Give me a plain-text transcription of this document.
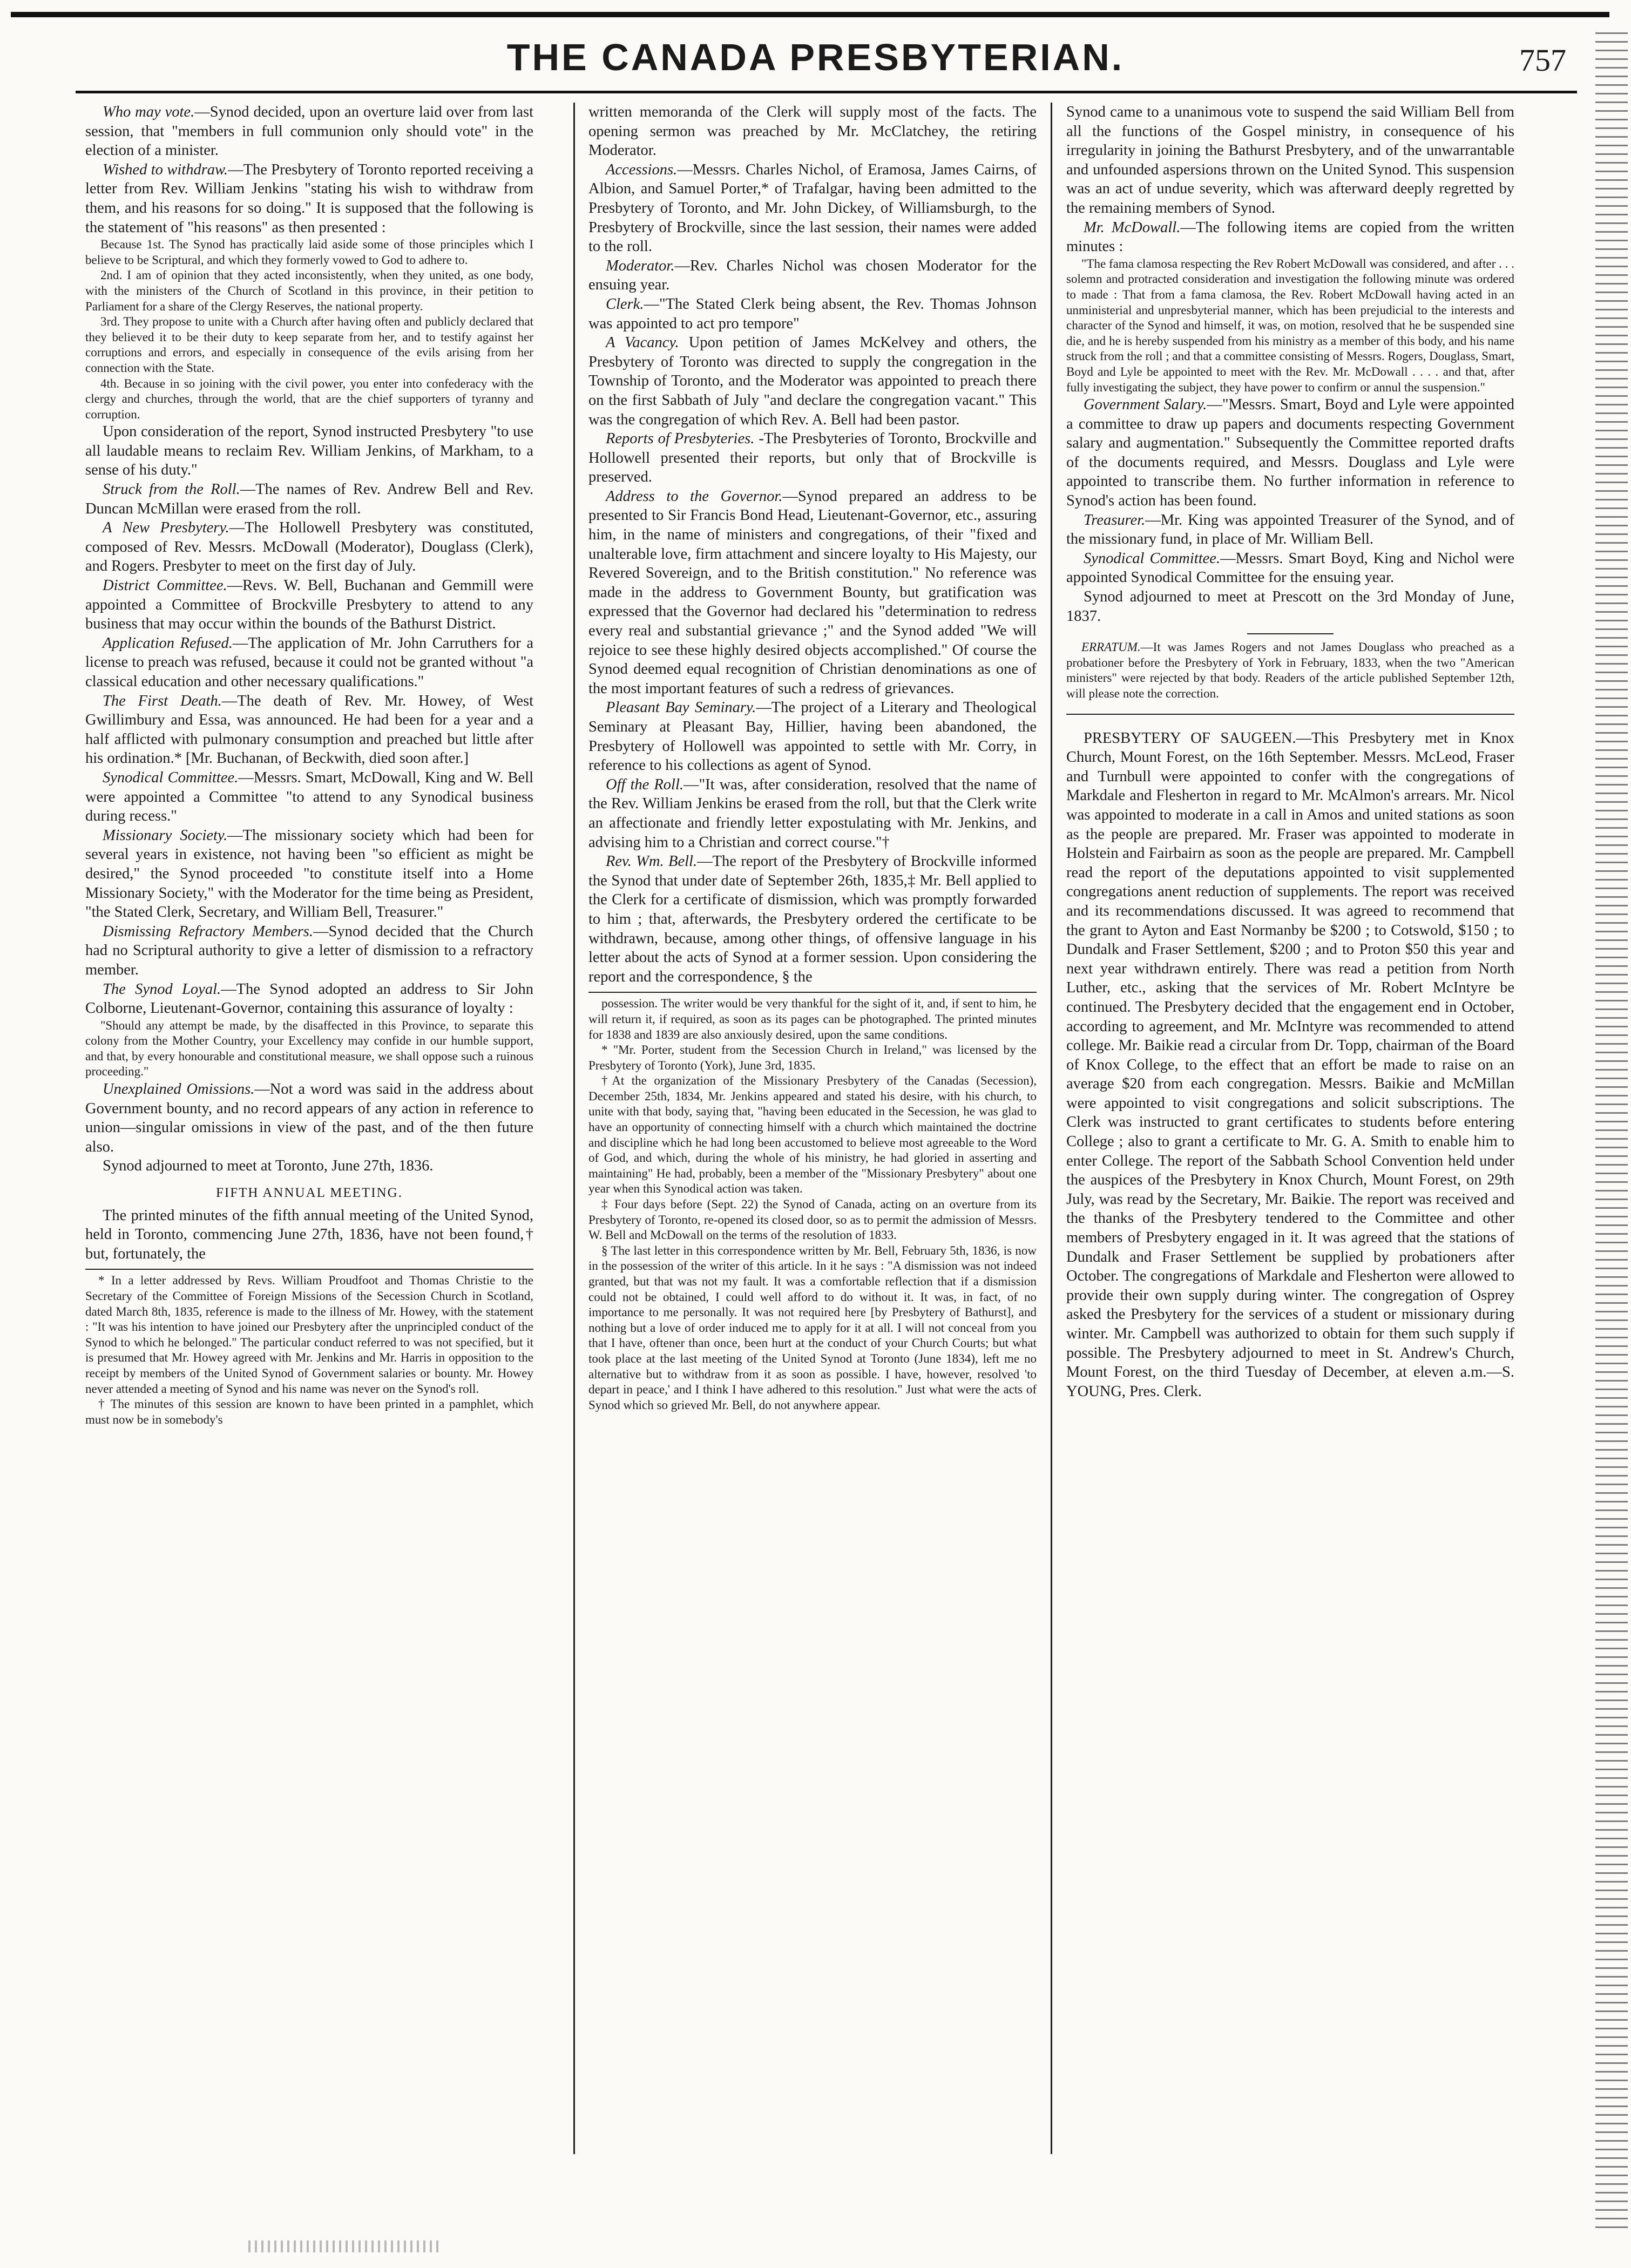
THE CANADA PRESBYTERIAN.	757

Who may vote.—Synod decided, upon an overture laid over from last session, that "members in full communion only should vote" in the election of a minister.

Wished to withdraw.—The Presbytery of Toronto reported receiving a letter from Rev. William Jenkins "stating his wish to withdraw from them, and his reasons for so doing." It is supposed that the following is the statement of "his reasons" as then presented :

Because 1st. The Synod has practically laid aside some of those principles which I believe to be Scriptural, and which they formerly vowed to God to adhere to.

2nd. I am of opinion that they acted inconsistently, when they united, as one body, with the ministers of the Church of Scotland in this province, in their petition to Parliament for a share of the Clergy Reserves, the national property.

3rd. They propose to unite with a Church after having often and publicly declared that they believed it to be their duty to keep separate from her, and to testify against her corruptions and errors, and especially in consequence of the evils arising from her connection with the State.

4th. Because in so joining with the civil power, you enter into confederacy with the clergy and churches, through the world, that are the chief supporters of tyranny and corruption.

Upon consideration of the report, Synod instructed Presbytery "to use all laudable means to reclaim Rev. William Jenkins, of Markham, to a sense of his duty."

Struck from the Roll.—The names of Rev. Andrew Bell and Rev. Duncan McMillan were erased from the roll.

A New Presbytery.—The Hollowell Presbytery was constituted, composed of Rev. Messrs. McDowall (Moderator), Douglass (Clerk), and Rogers. Presbyter to meet on the first day of July.

District Committee.—Revs. W. Bell, Buchanan and Gemmill were appointed a Committee of Brockville Presbytery to attend to any business that may occur within the bounds of the Bathurst District.

Application Refused.—The application of Mr. John Carruthers for a license to preach was refused, because it could not be granted without "a classical education and other necessary qualifications."

The First Death.—The death of Rev. Mr. Howey, of West Gwillimbury and Essa, was announced. He had been for a year and a half afflicted with pulmonary consumption and preached but little after his ordination.* [Mr. Buchanan, of Beckwith, died soon after.]

Synodical Committee.—Messrs. Smart, McDowall, King and W. Bell were appointed a Committee "to attend to any Synodical business during recess."

Missionary Society.—The missionary society which had been for several years in existence, not having been "so efficient as might be desired," the Synod proceeded "to constitute itself into a Home Missionary Society," with the Moderator for the time being as President, "the Stated Clerk, Secretary, and William Bell, Treasurer."

Dismissing Refractory Members.—Synod decided that the Church had no Scriptural authority to give a letter of dismission to a refractory member.

The Synod Loyal.—The Synod adopted an address to Sir John Colborne, Lieutenant-Governor, containing this assurance of loyalty :

"Should any attempt be made, by the disaffected in this Province, to separate this colony from the Mother Country, your Excellency may confide in our humble support, and that, by every honourable and constitutional measure, we shall oppose such a ruinous proceeding."

Unexplained Omissions.—Not a word was said in the address about Government bounty, and no record appears of any action in reference to union—singular omissions in view of the past, and of the then future also.

Synod adjourned to meet at Toronto, June 27th, 1836.

FIFTH ANNUAL MEETING.

The printed minutes of the fifth annual meeting of the United Synod, held in Toronto, commencing June 27th, 1836, have not been found,† but, fortunately, the

* In a letter addressed by Revs. William Proudfoot and Thomas Christie to the Secretary of the Committee of Foreign Missions of the Secession Church in Scotland, dated March 8th, 1835, reference is made to the illness of Mr. Howey, with the statement : "It was his intention to have joined our Presbytery after the unprincipled conduct of the Synod to which he belonged." The particular conduct referred to was not specified, but it is presumed that Mr. Howey agreed with Mr. Jenkins and Mr. Harris in opposition to the receipt by members of the United Synod of Government salaries or bounty. Mr. Howey never attended a meeting of Synod and his name was never on the Synod's roll.

† The minutes of this session are known to have been printed in a pamphlet, which must now be in somebody's

written memoranda of the Clerk will supply most of the facts. The opening sermon was preached by Mr. McClatchey, the retiring Moderator.

Accessions.—Messrs. Charles Nichol, of Eramosa, James Cairns, of Albion, and Samuel Porter,* of Trafalgar, having been admitted to the Presbytery of Toronto, and Mr. John Dickey, of Williamsburgh, to the Presbytery of Brockville, since the last session, their names were added to the roll.

Moderator.—Rev. Charles Nichol was chosen Moderator for the ensuing year.

Clerk.—"The Stated Clerk being absent, the Rev. Thomas Johnson was appointed to act pro tempore"

A Vacancy. Upon petition of James McKelvey and others, the Presbytery of Toronto was directed to supply the congregation in the Township of Toronto, and the Moderator was appointed to preach there on the first Sabbath of July "and declare the congregation vacant." This was the congregation of which Rev. A. Bell had been pastor.

Reports of Presbyteries. -The Presbyteries of Toronto, Brockville and Hollowell presented their reports, but only that of Brockville is preserved.

Address to the Governor.—Synod prepared an address to be presented to Sir Francis Bond Head, Lieutenant-Governor, etc., assuring him, in the name of ministers and congregations, of their "fixed and unalterable love, firm attachment and sincere loyalty to His Majesty, our Revered Sovereign, and to the British constitution." No reference was made in the address to Government Bounty, but gratification was expressed that the Governor had declared his "determination to redress every real and substantial grievance ;" and the Synod added "We will rejoice to see these highly desired objects accomplished." Of course the Synod deemed equal recognition of Christian denominations as one of the most important features of such a redress of grievances.

Pleasant Bay Seminary.—The project of a Literary and Theological Seminary at Pleasant Bay, Hillier, having been abandoned, the Presbytery of Hollowell was appointed to settle with Mr. Corry, in reference to his collections as agent of Synod.

Off the Roll.—"It was, after consideration, resolved that the name of the Rev. William Jenkins be erased from the roll, but that the Clerk write an affectionate and friendly letter expostulating with Mr. Jenkins, and advising him to a Christian and correct course."†

Rev. Wm. Bell.—The report of the Presbytery of Brockville informed the Synod that under date of September 26th, 1835,‡ Mr. Bell applied to the Clerk for a certificate of dismission, which was promptly forwarded to him ; that, afterwards, the Presbytery ordered the certificate to be withdrawn, because, among other things, of offensive language in his letter about the acts of Synod at a former session. Upon considering the report and the correspondence, § the

possession. The writer would be very thankful for the sight of it, and, if sent to him, he will return it, if required, as soon as its pages can be photographed. The printed minutes for 1838 and 1839 are also anxiously desired, upon the same conditions.

* "Mr. Porter, student from the Secession Church in Ireland," was licensed by the Presbytery of Toronto (York), June 3rd, 1835.

†At the organization of the Missionary Presbytery of the Canadas (Secession), December 25th, 1834, Mr. Jenkins appeared and stated his desire, with his church, to unite with that body, saying that, "having been educated in the Secession, he was glad to have an opportunity of connecting himself with a church which maintained the doctrine and discipline which he had long been accustomed to believe most agreeable to the Word of God, and which, during the whole of his ministry, he had gloried in asserting and maintaining" He had, probably, been a member of the "Missionary Presbytery" about one year when this Synodical action was taken.

‡ Four days before (Sept. 22) the Synod of Canada, acting on an overture from its Presbytery of Toronto, re-opened its closed door, so as to permit the admission of Messrs. W. Bell and McDowall on the terms of the resolution of 1833.

§ The last letter in this correspondence written by Mr. Bell, February 5th, 1836, is now in the possession of the writer of this article. In it he says : "A dismission was not indeed granted, but that was not my fault. It was a comfortable reflection that if a dismission could not be obtained, I could well afford to do without it. It was, in fact, of no importance to me personally. It was not required here [by Presbytery of Bathurst], and nothing but a love of order induced me to apply for it at all. I will not conceal from you that I have, oftener than once, been hurt at the conduct of your Church Courts; but what took place at the last meeting of the United Synod at Toronto (June 1834), left me no alternative but to withdraw from it as soon as possible. I have, however, resolved 'to depart in peace,' and I think I have adhered to this resolution." Just what were the acts of Synod which so grieved Mr. Bell, do not anywhere appear.

Synod came to a unanimous vote to suspend the said William Bell from all the functions of the Gospel ministry, in consequence of his irregularity in joining the Bathurst Presbytery, and of the unwarrantable and unfounded aspersions thrown on the United Synod. This suspension was an act of undue severity, which was afterward deeply regretted by the remaining members of Synod.

Mr. McDowall.—The following items are copied from the written minutes :

"The fama clamosa respecting the Rev Robert McDowall was considered, and after . . . solemn and protracted consideration and investigation the following minute was ordered to made : That from a fama clamosa, the Rev. Robert McDowall having acted in an unministerial and unpresbyterial manner, which has been prejudicial to the interests and character of the Synod and himself, it was, on motion, resolved that he be suspended sine die, and he is hereby suspended from his ministry as a member of this body, and his name struck from the roll ; and that a committee consisting of Messrs. Rogers, Douglass, Smart, Boyd and Lyle be appointed to meet with the Rev. Mr. McDowall . . . . and that, after fully investigating the subject, they have power to confirm or annul the suspension."

Government Salary.—"Messrs. Smart, Boyd and Lyle were appointed a committee to draw up papers and documents respecting Government salary and augmentation." Subsequently the Committee reported drafts of the documents required, and Messrs. Douglass and Lyle were appointed to transcribe them. No further information in reference to Synod's action has been found.

Treasurer.—Mr. King was appointed Treasurer of the Synod, and of the missionary fund, in place of Mr. William Bell.

Synodical Committee.—Messrs. Smart Boyd, King and Nichol were appointed Synodical Committee for the ensuing year.

Synod adjourned to meet at Prescott on the 3rd Monday of June, 1837.

ERRATUM.—It was James Rogers and not James Douglass who preached as a probationer before the Presbytery of York in February, 1833, when the two "American ministers" were rejected by that body. Readers of the article published September 12th, will please note the correction.

PRESBYTERY OF SAUGEEN.—This Presbytery met in Knox Church, Mount Forest, on the 16th September. Messrs. McLeod, Fraser and Turnbull were appointed to confer with the congregations of Markdale and Flesherton in regard to Mr. McAlmon's arrears. Mr. Nicol was appointed to moderate in a call in Amos and united stations as soon as the people are prepared. Mr. Fraser was appointed to moderate in Holstein and Fairbairn as soon as the people are prepared. Mr. Campbell read the report of the deputations appointed to visit supplemented congregations anent reduction of supplements. The report was received and its recommendations discussed. It was agreed to recommend that the grant to Ayton and East Normanby be $200 ; to Cotswold, $150 ; to Dundalk and Fraser Settlement, $200 ; and to Proton $50 this year and next year withdrawn entirely. There was read a petition from North Luther, etc., asking that the services of Mr. Robert McIntyre be continued. The Presbytery decided that the engagement end in October, according to agreement, and Mr. McIntyre was recommended to attend college. Mr. Baikie read a circular from Dr. Topp, chairman of the Board of Knox College, to the effect that an effort be made to raise on an average $20 from each congregation. Messrs. Baikie and McMillan were appointed to visit congregations and solicit subscriptions. The Clerk was instructed to grant certificates to students before entering College ; also to grant a certificate to Mr. G. A. Smith to enable him to enter College. The report of the Sabbath School Convention held under the auspices of the Presbytery in Knox Church, Mount Forest, on 29th July, was read by the Secretary, Mr. Baikie. The report was received and the thanks of the Presbytery tendered to the Committee and other members of Presbytery engaged in it. It was agreed that the stations of Dundalk and Fraser Settlement be supplied by probationers after October. The congregations of Markdale and Flesherton were allowed to provide their own supply during winter. The congregation of Osprey asked the Presbytery for the services of a student or missionary during winter. Mr. Campbell was authorized to obtain for them such supply if possible. The Presbytery adjourned to meet in St. Andrew's Church, Mount Forest, on the third Tuesday of December, at eleven a.m.—S. YOUNG, Pres. Clerk.
